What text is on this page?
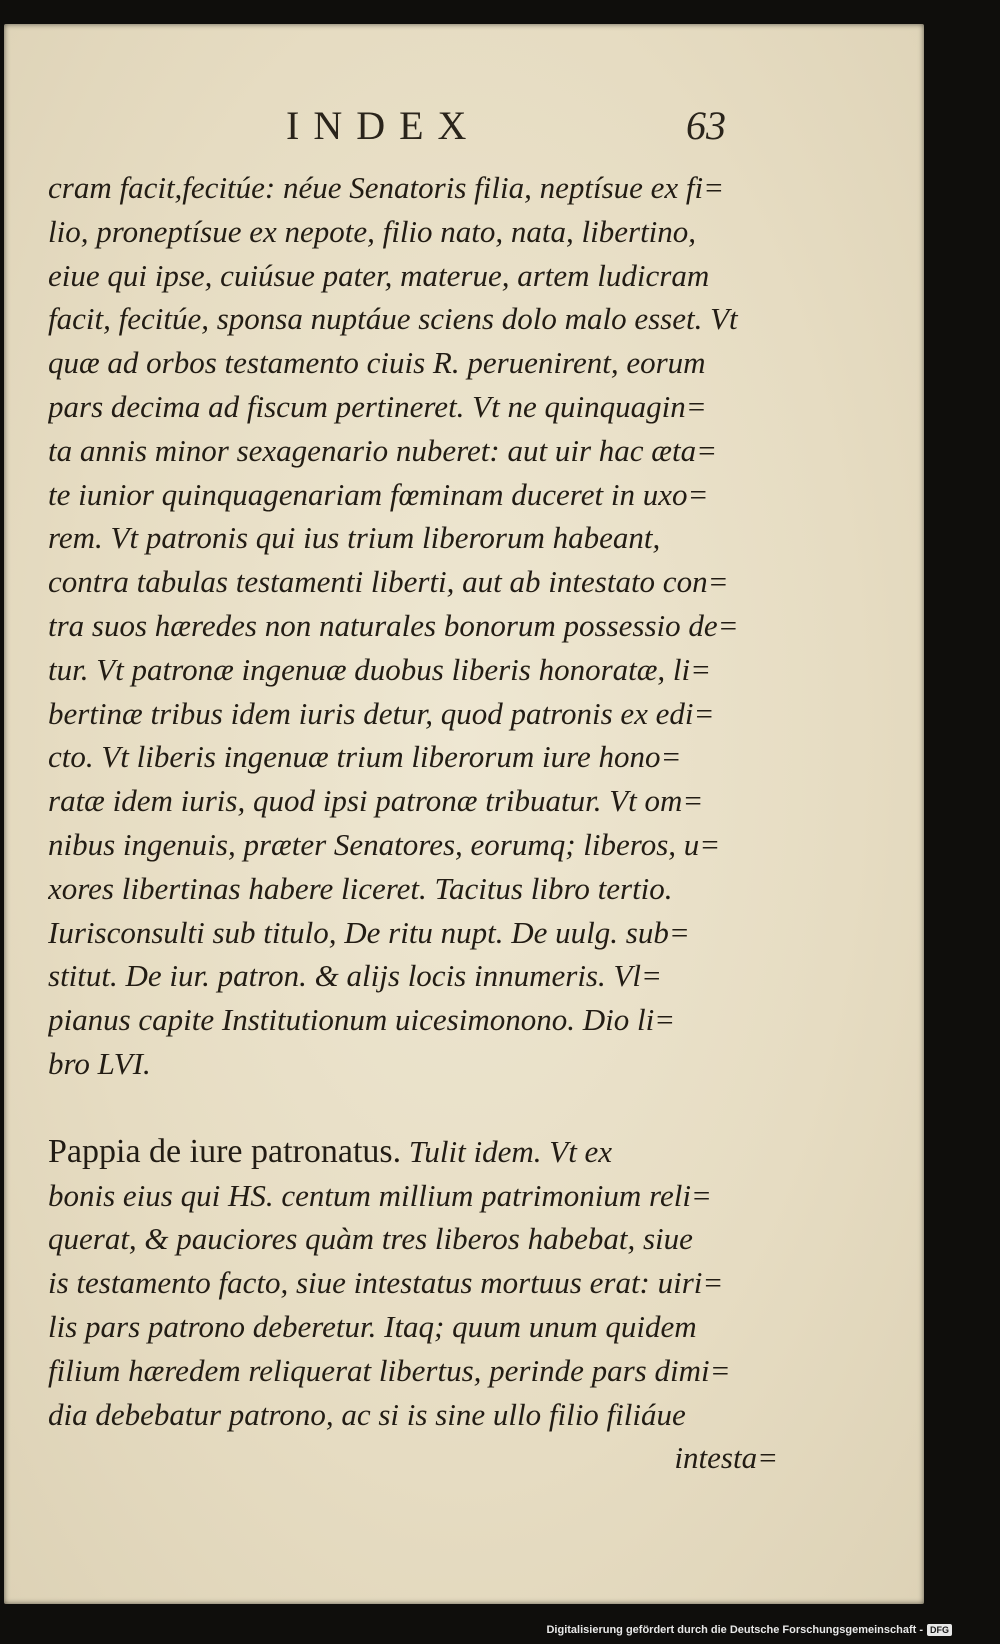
INDEX	63
cram facit,fecitúe: néue Senatoris filia, neptísue ex fi=
lio, proneptísue ex nepote, filio nato, nata, libertino,
eiue qui ipse, cuiúsue pater, materue, artem ludicram
facit, fecitúe, sponsa nuptáue sciens dolo malo esset. Vt
quæ ad orbos testamento ciuis R. peruenirent, eorum
pars decima ad fiscum pertineret. Vt ne quinquagin=
ta annis minor sexagenario nuberet: aut uir hac æta=
te iunior quinquagenariam fœminam duceret in uxo=
rem. Vt patronis qui ius trium liberorum habeant,
contra tabulas testamenti liberti, aut ab intestato con=
tra suos hæredes non naturales bonorum possessio de=
tur. Vt patronæ ingenuæ duobus liberis honoratæ, li=
bertinæ tribus idem iuris detur, quod patronis ex edi=
cto. Vt liberis ingenuæ trium liberorum iure hono=
ratæ idem iuris, quod ipsi patronæ tribuatur. Vt om=
nibus ingenuis, præter Senatores, eorumq; liberos, u=
xores libertinas habere liceret. Tacitus libro tertio.
Iurisconsulti sub titulo, De ritu nupt. De uulg. sub=
stitut. De iur. patron. & alijs locis innumeris. Vl=
pianus capite Institutionum uicesimonono. Dio li=
bro LVI.
Pappia de iure patronatus. Tulit idem. Vt ex
bonis eius qui HS. centum millium patrimonium reli=
querat, & pauciores quàm tres liberos habebat, siue
is testamento facto, siue intestatus mortuus erat: uiri=
lis pars patrono deberetur. Itaq; quum unum quidem
filium hæredem reliquerat libertus, perinde pars dimi=
dia debebatur patrono, ac si is sine ullo filio filiáue
intesta=
Digitalisierung gefördert durch die Deutsche Forschungsgemeinschaft - DFG
